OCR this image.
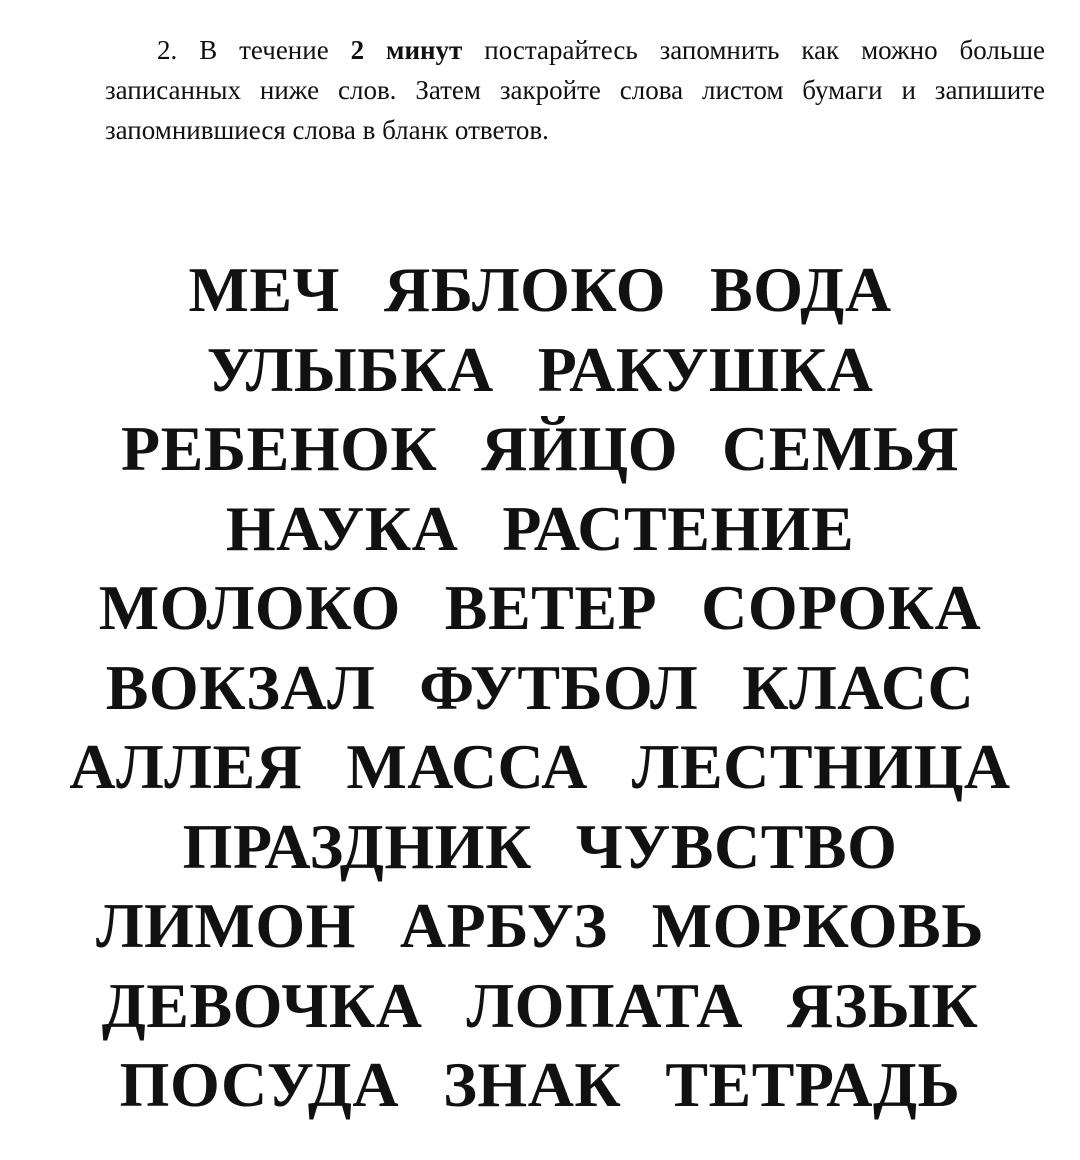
2. В течение 2 минут постарайтесь запомнить как можно больше записанных ниже слов. Затем закройте слова листом бумаги и запишите запомнившиеся слова в бланк ответов.

МЕЧ ЯБЛОКО ВОДА
УЛЫБКА РАКУШКА
РЕБЕНОК ЯЙЦО СЕМЬЯ
НАУКА РАСТЕНИЕ
МОЛОКО ВЕТЕР СОРОКА
ВОКЗАЛ ФУТБОЛ КЛАСС
АЛЛЕЯ МАССА ЛЕСТНИЦА
ПРАЗДНИК ЧУВСТВО
ЛИМОН АРБУЗ МОРКОВЬ
ДЕВОЧКА ЛОПАТА ЯЗЫК
ПОСУДА ЗНАК ТЕТРАДЬ
